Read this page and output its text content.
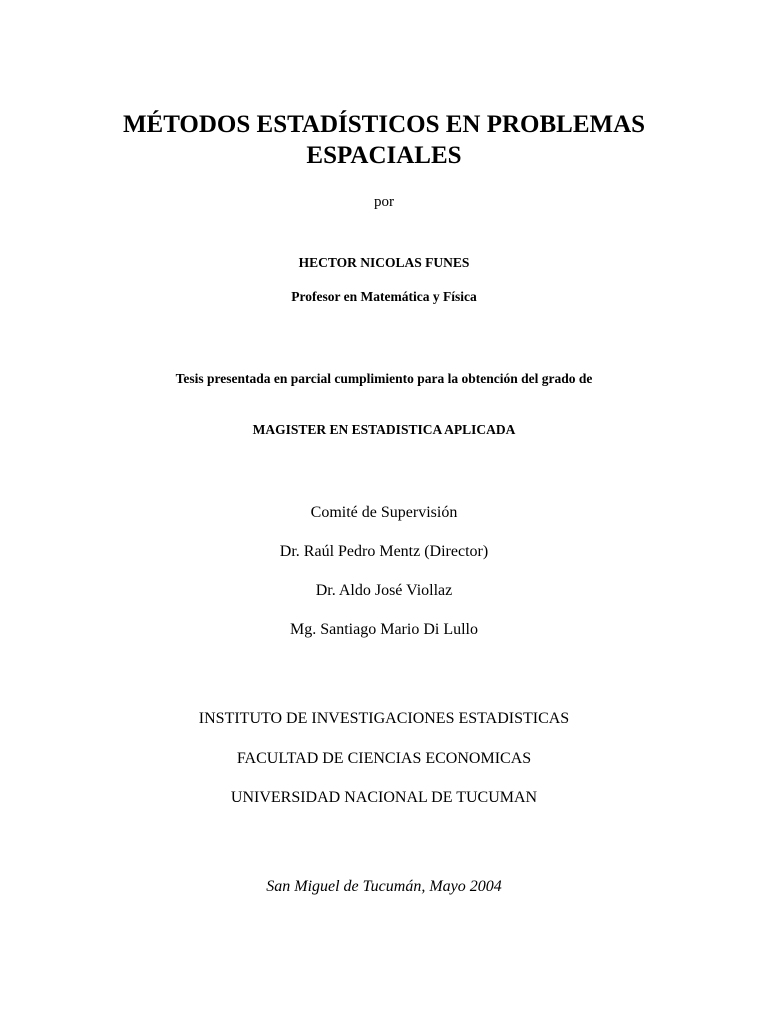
MÉTODOS ESTADÍSTICOS EN PROBLEMAS
ESPACIALES
por
HECTOR NICOLAS FUNES
Profesor en Matemática y Física
Tesis presentada en parcial cumplimiento para la obtención del grado de
MAGISTER EN ESTADISTICA APLICADA
Comité de Supervisión
Dr. Raúl Pedro Mentz (Director)
Dr. Aldo José Viollaz
Mg. Santiago Mario Di Lullo
INSTITUTO DE INVESTIGACIONES ESTADISTICAS
FACULTAD DE CIENCIAS ECONOMICAS
UNIVERSIDAD NACIONAL DE TUCUMAN
San Miguel de Tucumán, Mayo 2004
